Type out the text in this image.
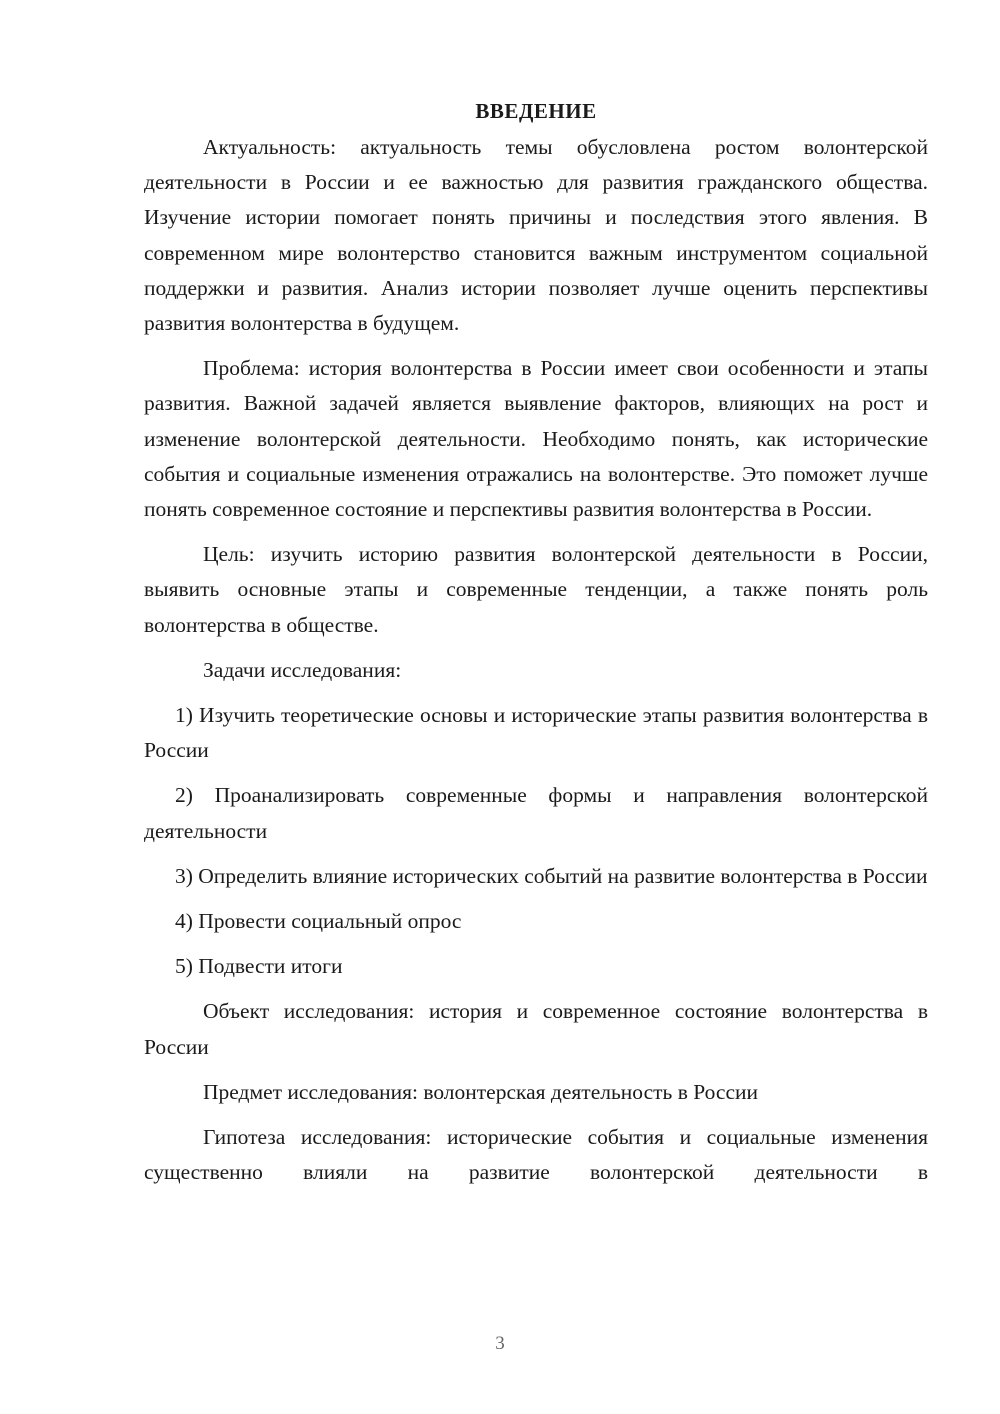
ВВЕДЕНИЕ

Актуальность: актуальность темы обусловлена ростом волонтерской деятельности в России и ее важностью для развития гражданского общества. Изучение истории помогает понять причины и последствия этого явления. В современном мире волонтерство становится важным инструментом социальной поддержки и развития. Анализ истории позволяет лучше оценить перспективы развития волонтерства в будущем.

Проблема: история волонтерства в России имеет свои особенности и этапы развития. Важной задачей является выявление факторов, влияющих на рост и изменение волонтерской деятельности. Необходимо понять, как исторические события и социальные изменения отражались на волонтерстве. Это поможет лучше понять современное состояние и перспективы развития волонтерства в России.

Цель: изучить историю развития волонтерской деятельности в России, выявить основные этапы и современные тенденции, а также понять роль волонтерства в обществе.

Задачи исследования:

1) Изучить теоретические основы и исторические этапы развития волонтерства в России

2) Проанализировать современные формы и направления волонтерской деятельности

3) Определить влияние исторических событий на развитие волонтерства в России

4) Провести социальный опрос

5) Подвести итоги

Объект исследования: история и современное состояние волонтерства в России

Предмет исследования: волонтерская деятельность в России

Гипотеза исследования: исторические события и социальные изменения существенно влияли на развитие волонтерской деятельности в

3
